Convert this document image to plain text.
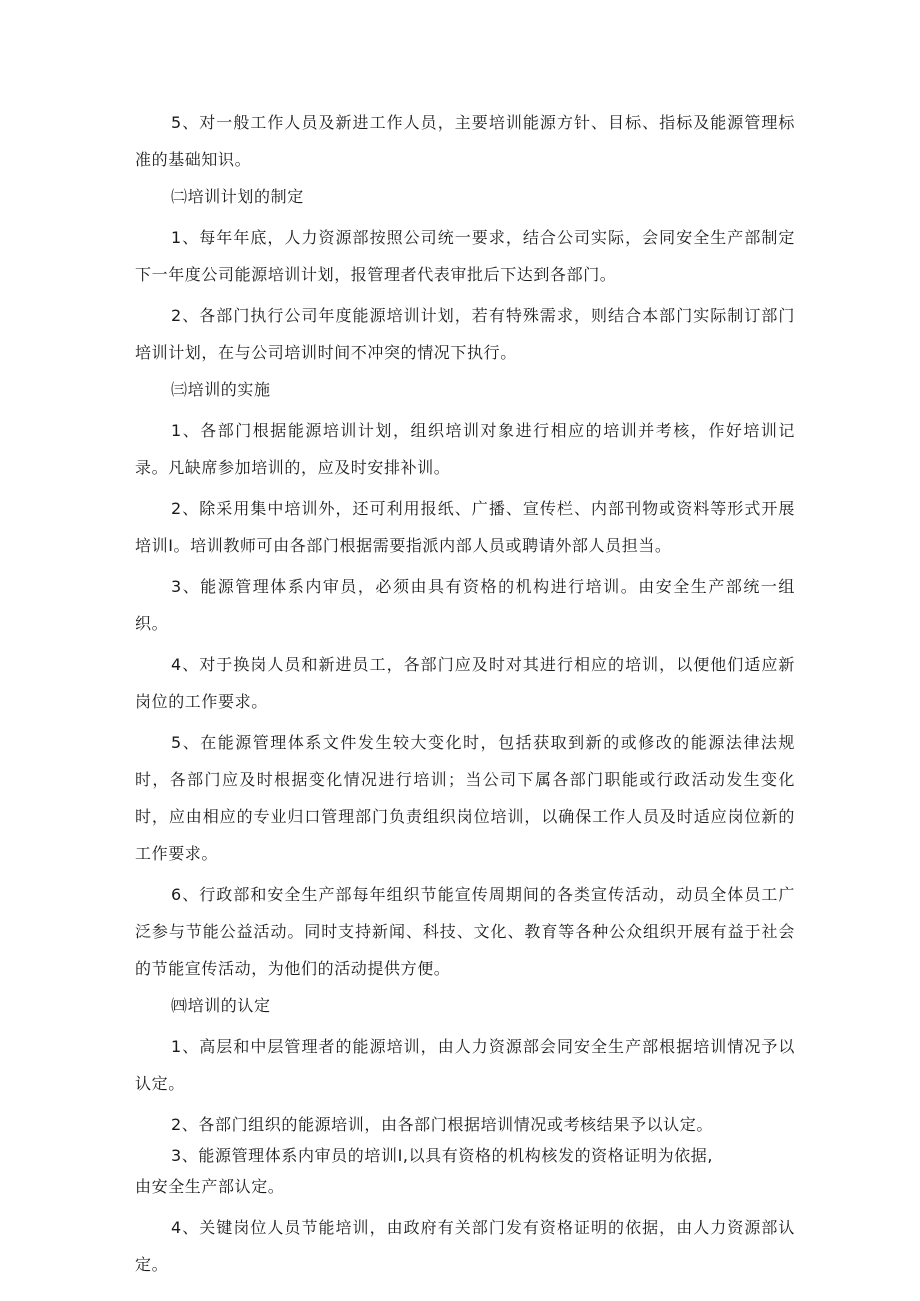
5、对一般工作人员及新进工作人员，主要培训能源方针、目标、指标及能源管理标准的基础知识。

㈡培训计划的制定

1、每年年底，人力资源部按照公司统一要求，结合公司实际，会同安全生产部制定下一年度公司能源培训计划，报管理者代表审批后下达到各部门。

2、各部门执行公司年度能源培训计划，若有特殊需求，则结合本部门实际制订部门培训计划，在与公司培训时间不冲突的情况下执行。

㈢培训的实施

1、各部门根据能源培训计划，组织培训对象进行相应的培训并考核，作好培训记录。凡缺席参加培训的，应及时安排补训。

2、除采用集中培训外，还可利用报纸、广播、宣传栏、内部刊物或资料等形式开展培训I。培训教师可由各部门根据需要指派内部人员或聘请外部人员担当。

3、能源管理体系内审员，必须由具有资格的机构进行培训。由安全生产部统一组织。

4、对于换岗人员和新进员工，各部门应及时对其进行相应的培训，以便他们适应新岗位的工作要求。

5、在能源管理体系文件发生较大变化时，包括获取到新的或修改的能源法律法规时，各部门应及时根据变化情况进行培训；当公司下属各部门职能或行政活动发生变化时，应由相应的专业归口管理部门负责组织岗位培训，以确保工作人员及时适应岗位新的工作要求。

6、行政部和安全生产部每年组织节能宣传周期间的各类宣传活动，动员全体员工广泛参与节能公益活动。同时支持新闻、科技、文化、教育等各种公众组织开展有益于社会的节能宣传活动，为他们的活动提供方便。

㈣培训的认定

1、高层和中层管理者的能源培训，由人力资源部会同安全生产部根据培训情况予以认定。

2、各部门组织的能源培训，由各部门根据培训情况或考核结果予以认定。

3、能源管理体系内审员的培训I,以具有资格的机构核发的资格证明为依据,
由安全生产部认定。

4、关键岗位人员节能培训，由政府有关部门发有资格证明的依据，由人力资源部认定。
